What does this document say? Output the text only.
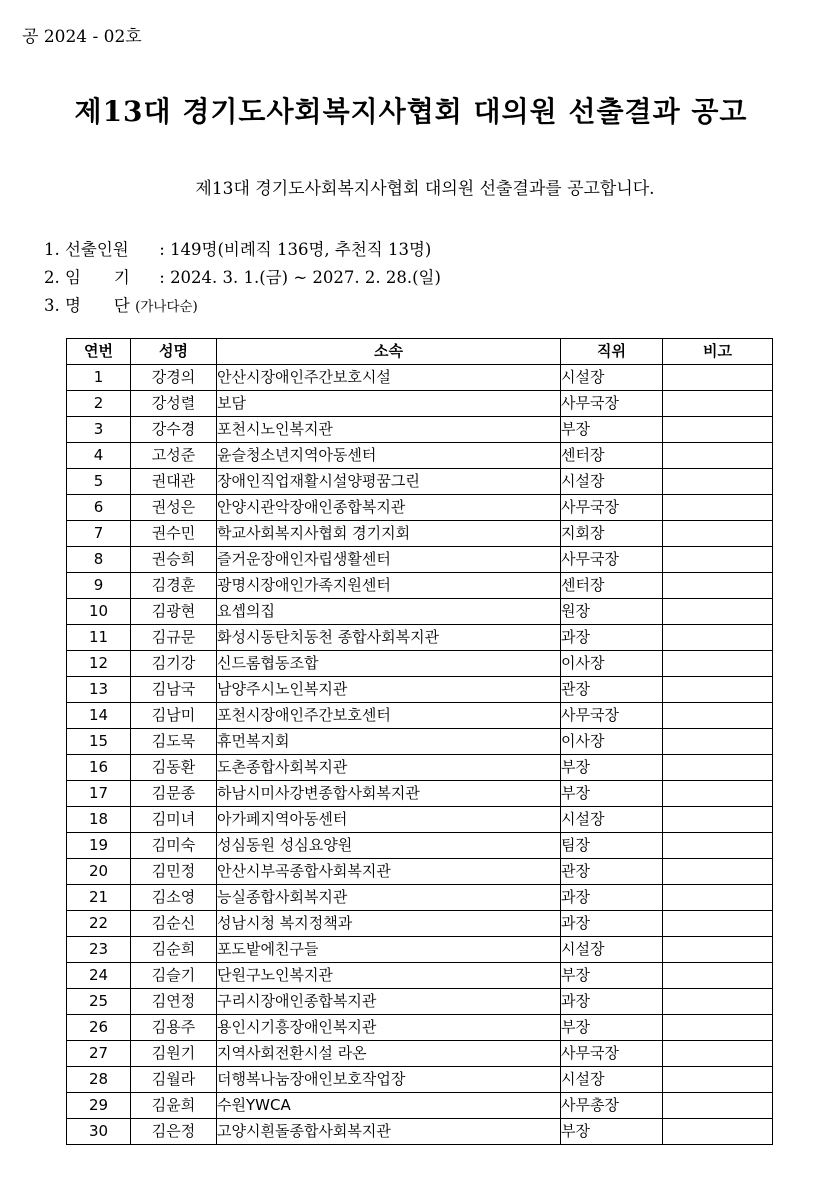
공 2024 - 02호
제13대 경기도사회복지사협회 대의원 선출결과 공고
제13대 경기도사회복지사협회 대의원 선출결과를 공고합니다.
1. 선출인원 : 149명(비례직 136명, 추천직 13명)
2. 임　　기 : 2024. 3. 1.(금) ~ 2027. 2. 28.(일)
3. 명　　단 (가나다순)
연번	성명	소속	직위	비고
1	강경의	안산시장애인주간보호시설	시설장	
2	강성렬	보담	사무국장	
3	강수경	포천시노인복지관	부장	
4	고성준	윤슬청소년지역아동센터	센터장	
5	권대관	장애인직업재활시설양평꿈그린	시설장	
6	권성은	안양시관악장애인종합복지관	사무국장	
7	권수민	학교사회복지사협회 경기지회	지회장	
8	권승희	즐거운장애인자립생활센터	사무국장	
9	김경훈	광명시장애인가족지원센터	센터장	
10	김광현	요셉의집	원장	
11	김규문	화성시동탄치동천 종합사회복지관	과장	
12	김기강	신드롬협동조합	이사장	
13	김남국	남양주시노인복지관	관장	
14	김남미	포천시장애인주간보호센터	사무국장	
15	김도묵	휴먼복지회	이사장	
16	김동환	도촌종합사회복지관	부장	
17	김문종	하남시미사강변종합사회복지관	부장	
18	김미녀	아가페지역아동센터	시설장	
19	김미숙	성심동원 성심요양원	팀장	
20	김민정	안산시부곡종합사회복지관	관장	
21	김소영	능실종합사회복지관	과장	
22	김순신	성남시청 복지정책과	과장	
23	김순희	포도밭에친구들	시설장	
24	김슬기	단원구노인복지관	부장	
25	김연정	구리시장애인종합복지관	과장	
26	김용주	용인시기흥장애인복지관	부장	
27	김원기	지역사회전환시설 라온	사무국장	
28	김월라	더행복나눔장애인보호작업장	시설장	
29	김윤희	수원YWCA	사무총장	
30	김은정	고양시흰돌종합사회복지관	부장	
